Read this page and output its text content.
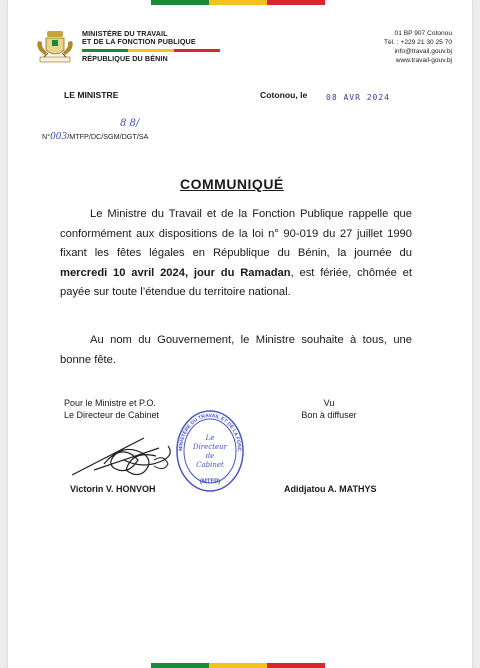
MINISTÈRE DU TRAVAIL
ET DE LA FONCTION PUBLIQUE
RÉPUBLIQUE DU BÉNIN
01 BP 907 Cotonou
Tél. : +229 21 30 25 70
info@travail.gouv.bj
www.travail-gouv.bj
LE MINISTRE	Cotonou, le 08 AVR 2024
N°003/MTFP/DC/SGM/DGT/SA
8 8/
COMMUNIQUÉ
Le Ministre du Travail et de la Fonction Publique rappelle que conformément aux dispositions de la loi n° 90-019 du 27 juillet 1990 fixant les fêtes légales en République du Bénin, la journée du mercredi 10 avril 2024, jour du Ramadan, est fériée, chômée et payée sur toute l’étendue du territoire national.
Au nom du Gouvernement, le Ministre souhaite à tous, une bonne fête.
Pour le Ministre et P.O.
Le Directeur de Cabinet
Vu
Bon à diffuser
MINISTÈRE DU TRAVAIL ET DE LA FONC
Le
Directeur
de
Cabinet
(MTFP)
Victorin V. HONVOH	Adidjatou A. MATHYS
